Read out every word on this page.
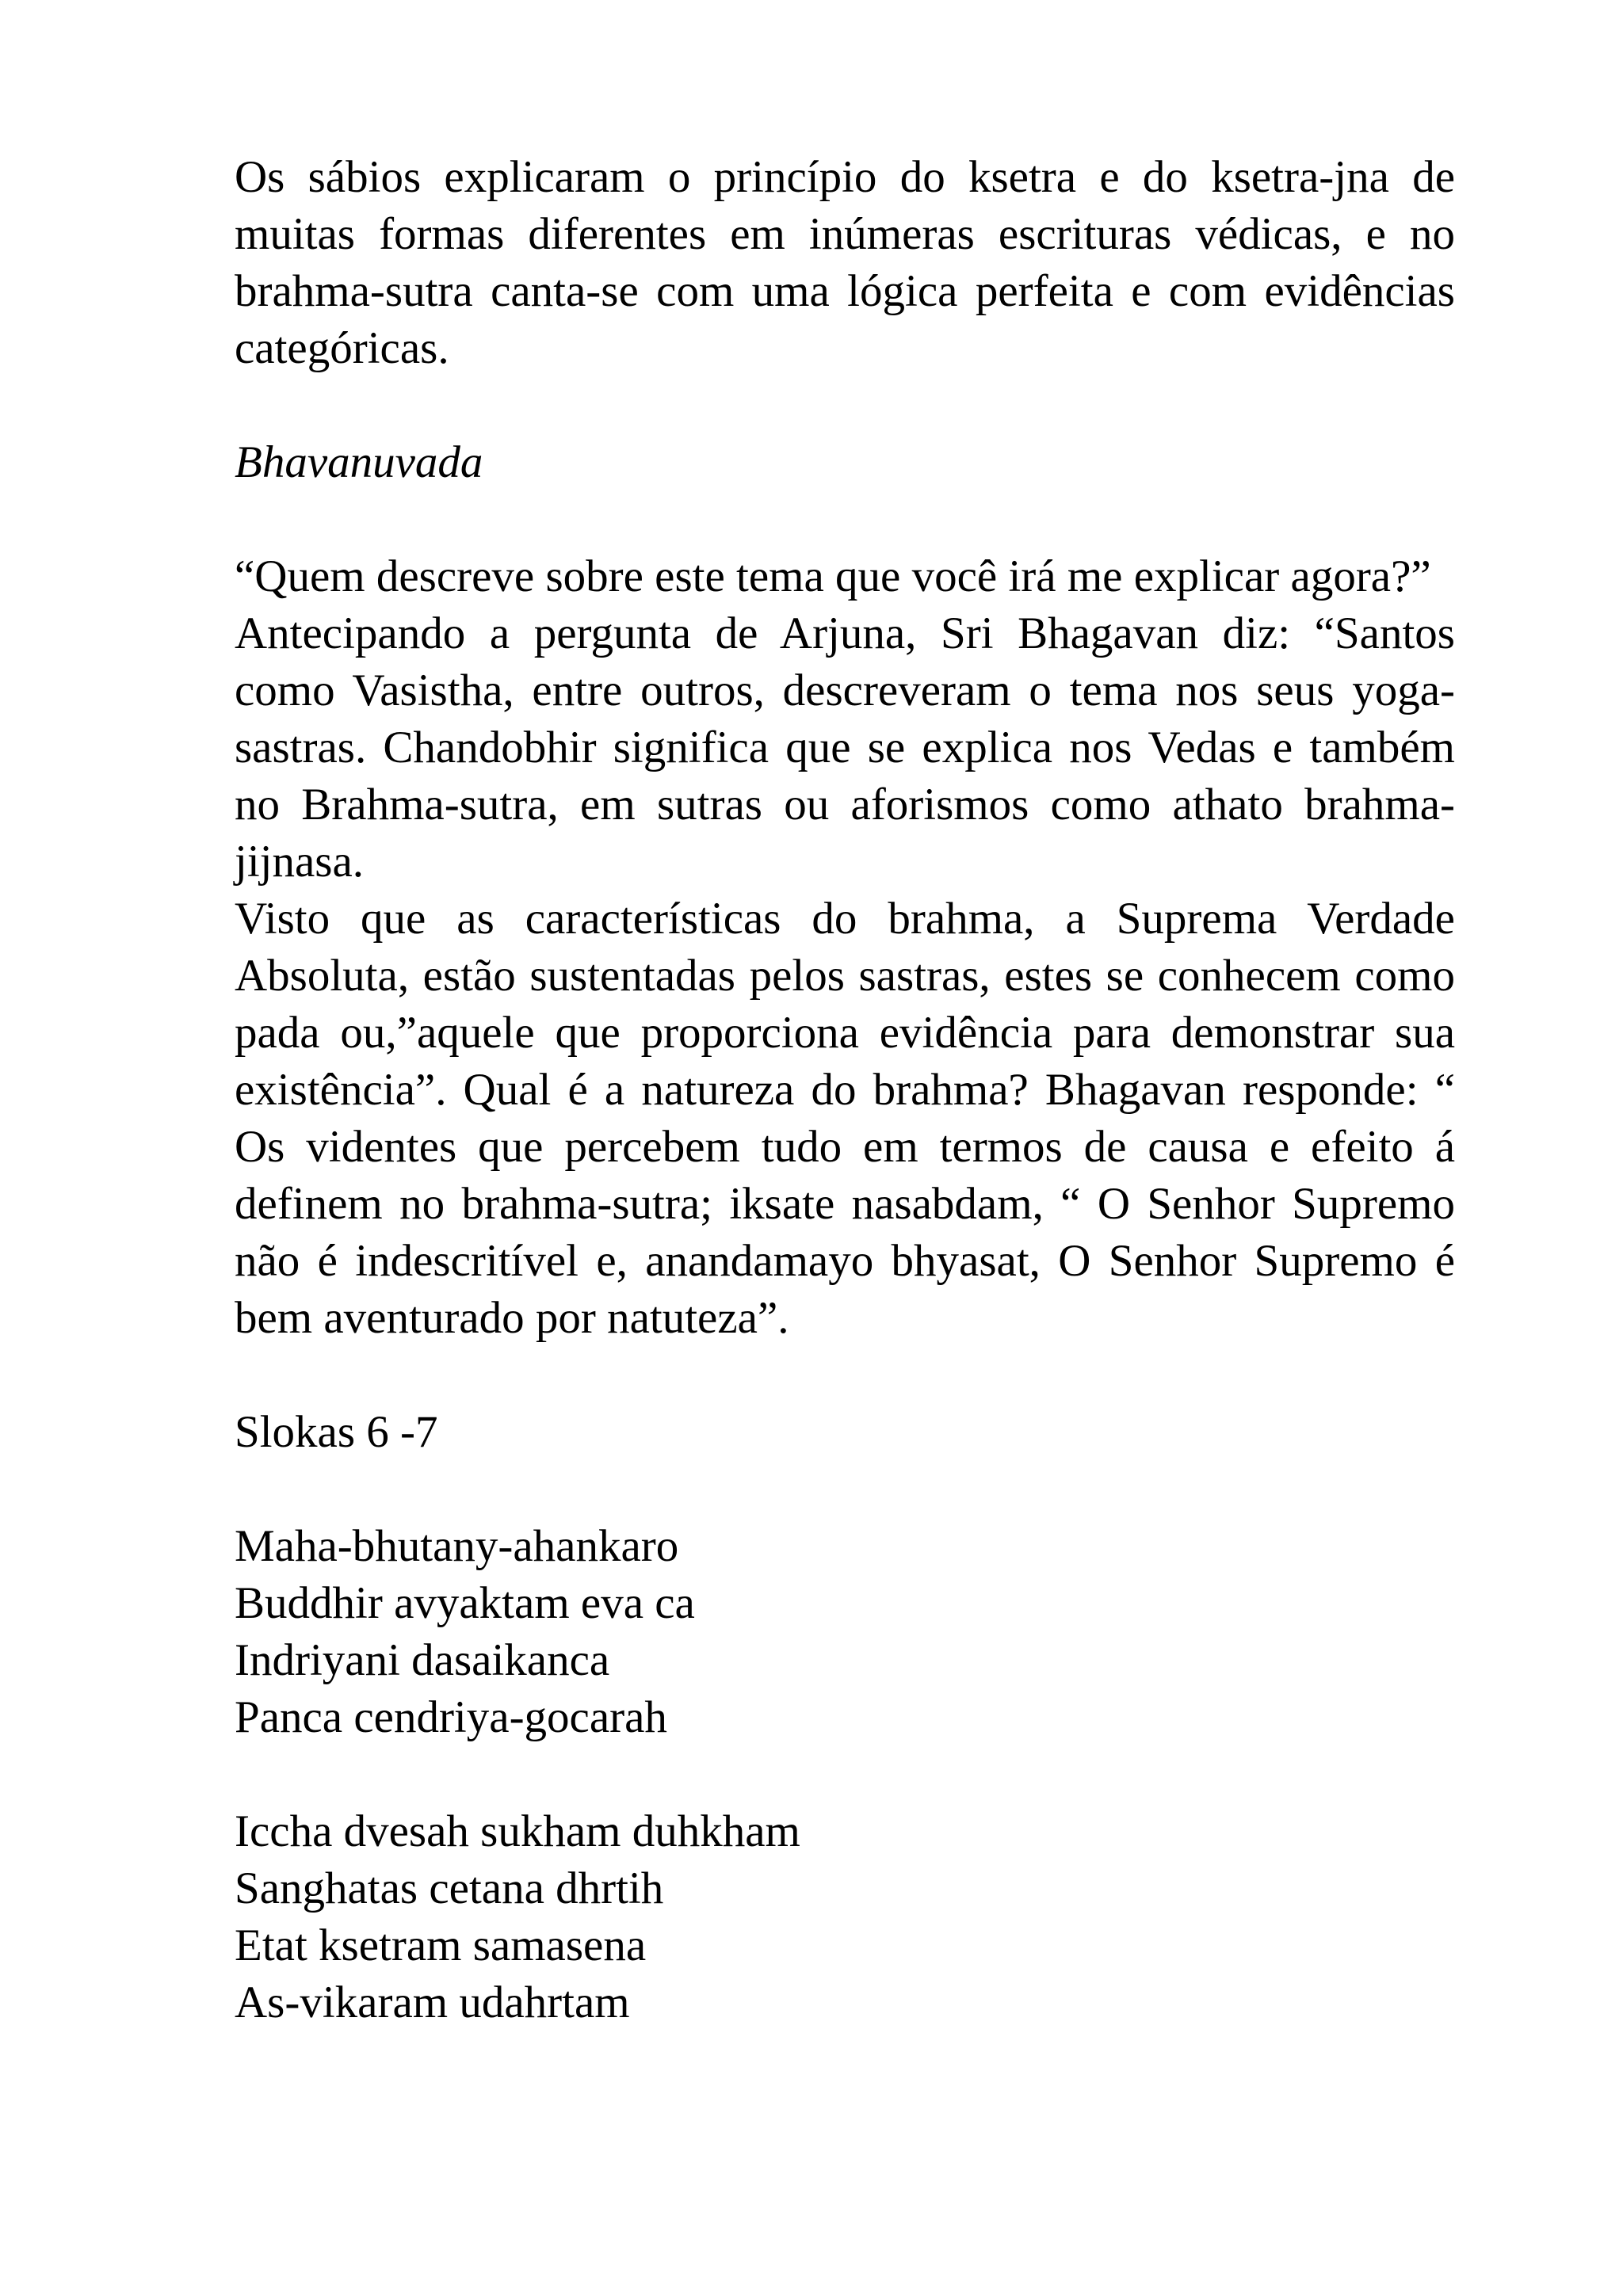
Os sábios explicaram o princípio do ksetra e do ksetra-jna de muitas formas diferentes em inúmeras escrituras védicas, e no brahma-sutra canta-se com uma lógica perfeita e com evidências categóricas.

Bhavanuvada

“Quem descreve sobre este tema que você irá me explicar agora?”

Antecipando a pergunta de Arjuna, Sri Bhagavan diz: “Santos como Vasistha, entre outros, descreveram o tema nos seus yoga-sastras. Chandobhir significa que se explica nos Vedas e também no Brahma-sutra, em sutras ou aforismos como athato brahma-jijnasa.

Visto que as características do brahma, a Suprema Verdade Absoluta, estão sustentadas pelos sastras, estes se conhecem como pada ou,”aquele que proporciona evidência para demonstrar sua existência”. Qual é a natureza do brahma? Bhagavan responde: “ Os videntes que percebem tudo em termos de causa e efeito á definem no brahma-sutra; iksate nasabdam, “ O Senhor Supremo não é indescritível e, anandamayo bhyasat, O Senhor Supremo é bem aventurado por natuteza”.

Slokas 6 -7

Maha-bhutany-ahankaro
Buddhir avyaktam eva ca
Indriyani dasaikanca
Panca cendriya-gocarah
Iccha dvesah sukham duhkham
Sanghatas cetana dhrtih
Etat ksetram samasena
As-vikaram udahrtam
